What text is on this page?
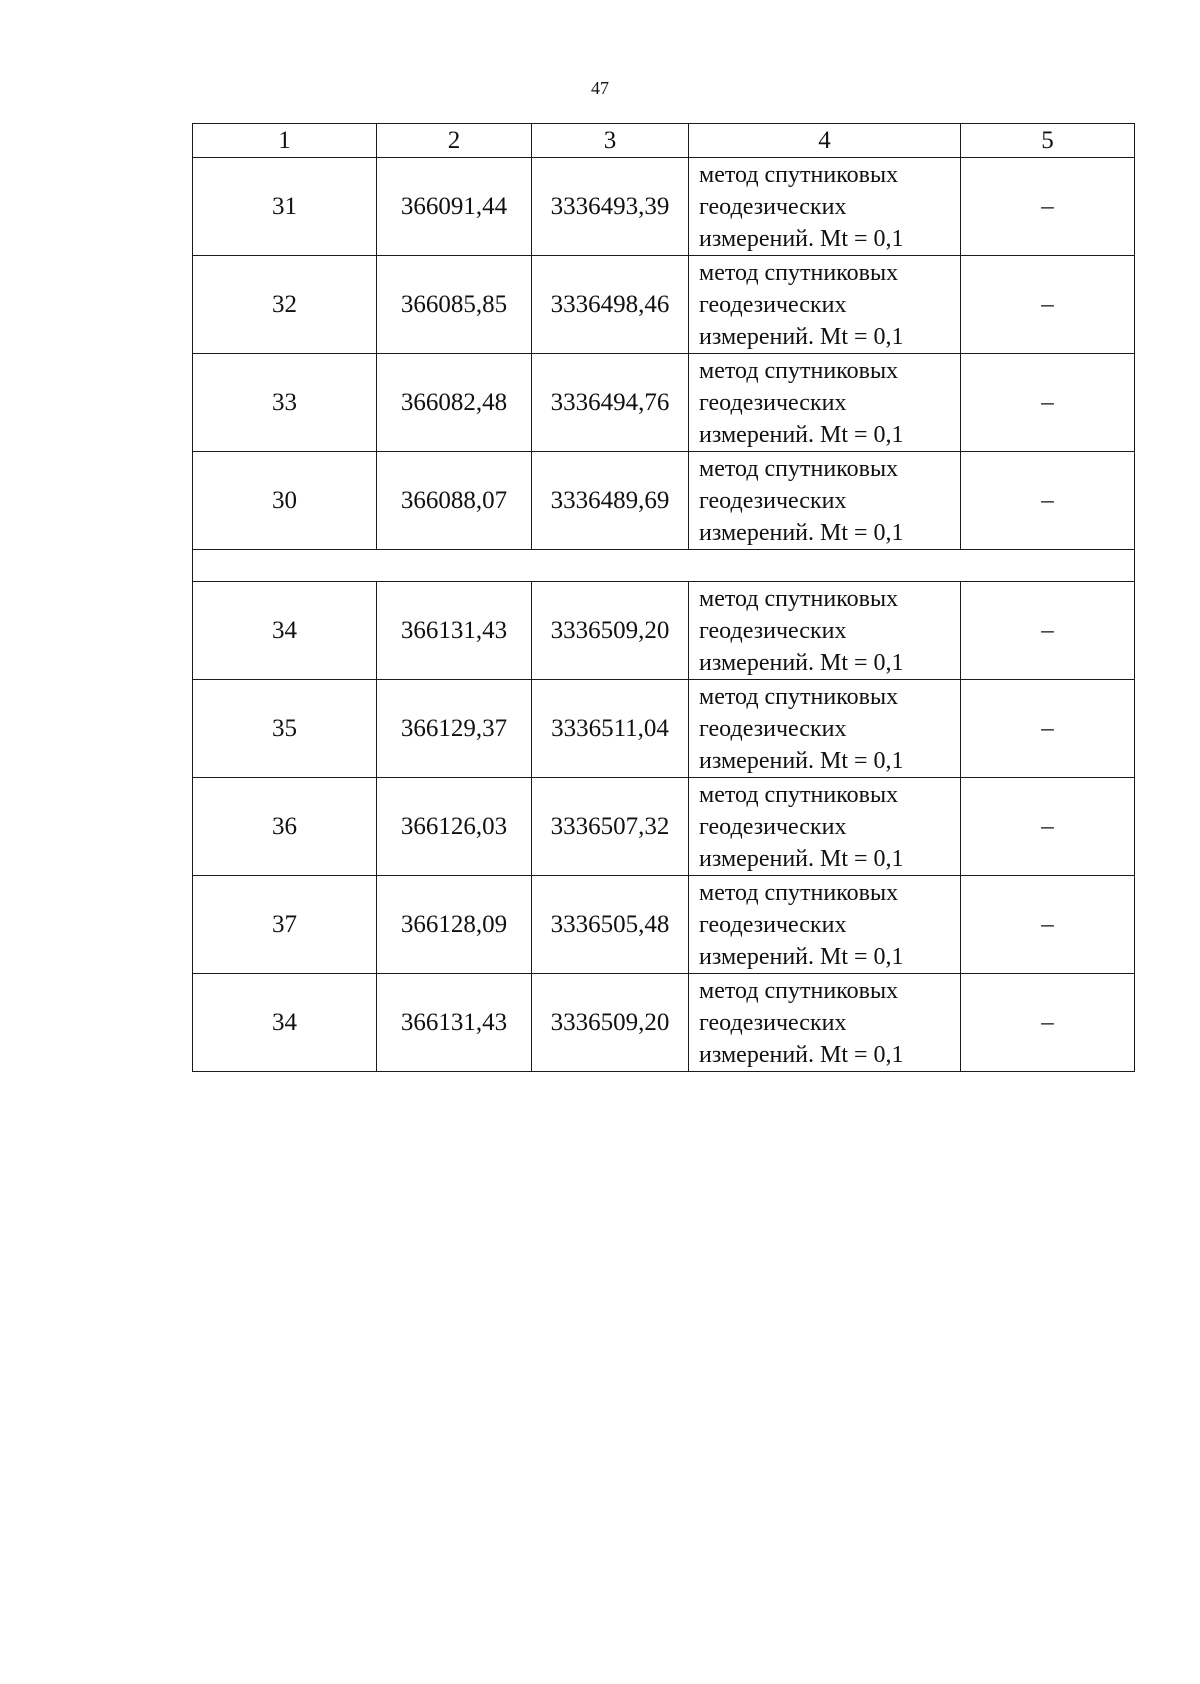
47
1	2	3	4	5
31	366091,44	3336493,39	метод спутниковых
геодезических
измерений. Mt = 0,1	–
32	366085,85	3336498,46	метод спутниковых
геодезических
измерений. Mt = 0,1	–
33	366082,48	3336494,76	метод спутниковых
геодезических
измерений. Mt = 0,1	–
30	366088,07	3336489,69	метод спутниковых
геодезических
измерений. Mt = 0,1	–

34	366131,43	3336509,20	метод спутниковых
геодезических
измерений. Mt = 0,1	–
35	366129,37	3336511,04	метод спутниковых
геодезических
измерений. Mt = 0,1	–
36	366126,03	3336507,32	метод спутниковых
геодезических
измерений. Mt = 0,1	–
37	366128,09	3336505,48	метод спутниковых
геодезических
измерений. Mt = 0,1	–
34	366131,43	3336509,20	метод спутниковых
геодезических
измерений. Mt = 0,1	–
